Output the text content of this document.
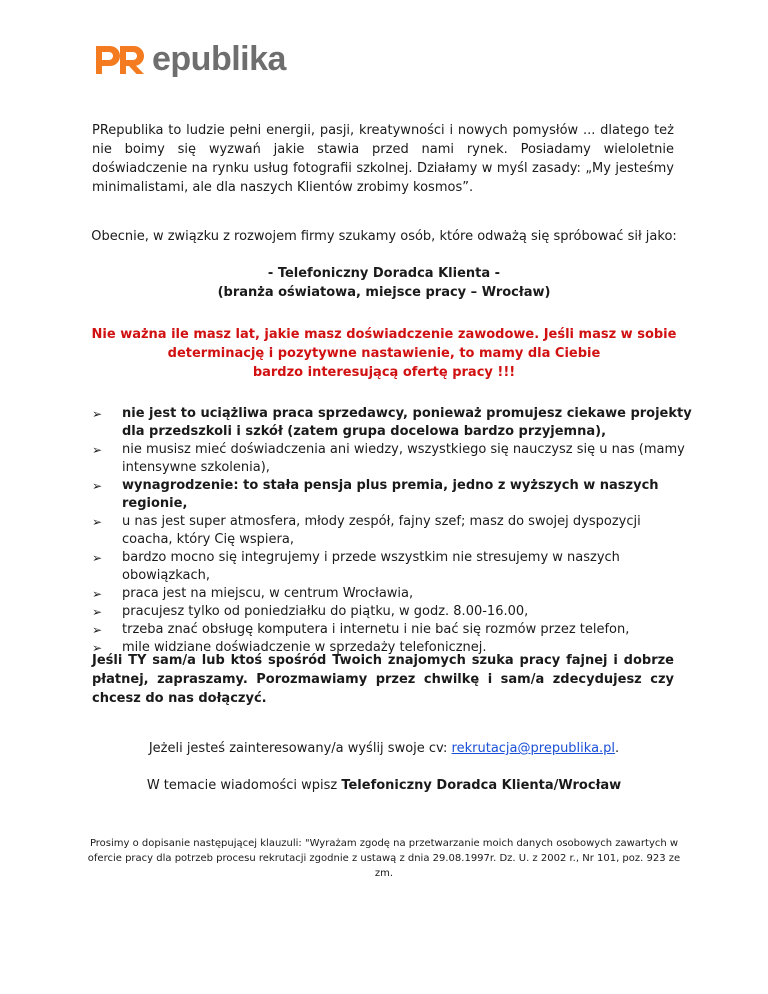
epublika

PRepublika to ludzie pełni energii, pasji, kreatywności i nowych pomysłów ... dlatego też nie boimy się wyzwań jakie stawia przed nami rynek. Posiadamy wieloletnie doświadczenie na rynku usług fotografii szkolnej. Działamy w myśl zasady: „My jesteśmy minimalistami, ale dla naszych Klientów zrobimy kosmos”.

Obecnie, w związku z rozwojem firmy szukamy osób, które odważą się spróbować sił jako:

- Telefoniczny Doradca Klienta -
(branża oświatowa, miejsce pracy – Wrocław)
Nie ważna ile masz lat, jakie masz doświadczenie zawodowe. Jeśli masz w sobie
determinację i pozytywne nastawienie, to mamy dla Ciebie
bardzo interesującą ofertę pracy !!!
➢ nie jest to uciążliwa praca sprzedawcy, ponieważ promujesz ciekawe projekty dla przedszkoli i szkół (zatem grupa docelowa bardzo przyjemna),
➢ nie musisz mieć doświadczenia ani wiedzy, wszystkiego się nauczysz się u nas (mamy intensywne szkolenia),
➢ wynagrodzenie: to stała pensja plus premia, jedno z wyższych w naszych regionie,
➢ u nas jest super atmosfera, młody zespół, fajny szef; masz do swojej dyspozycji coacha, który Cię wspiera,
➢ bardzo mocno się integrujemy i przede wszystkim nie stresujemy w naszych obowiązkach,
➢ praca jest na miejscu, w centrum Wrocławia,
➢ pracujesz tylko od poniedziałku do piątku, w godz. 8.00-16.00,
➢ trzeba znać obsługę komputera i internetu i nie bać się rozmów przez telefon,
➢ mile widziane doświadczenie w sprzedaży telefonicznej.

Jeśli TY sam/a lub ktoś spośród Twoich znajomych szuka pracy fajnej i dobrze płatnej, zapraszamy. Porozmawiamy przez chwilkę i sam/a zdecydujesz czy chcesz do nas dołączyć.

Jeżeli jesteś zainteresowany/a wyślij swoje cv: rekrutacja@prepublika.pl.

W temacie wiadomości wpisz Telefoniczny Doradca Klienta/Wrocław

Prosimy o dopisanie następującej klauzuli: "Wyrażam zgodę na przetwarzanie moich danych osobowych zawartych w ofercie pracy dla potrzeb procesu rekrutacji zgodnie z ustawą z dnia 29.08.1997r. Dz. U. z 2002 r., Nr 101, poz. 923 ze zm.
